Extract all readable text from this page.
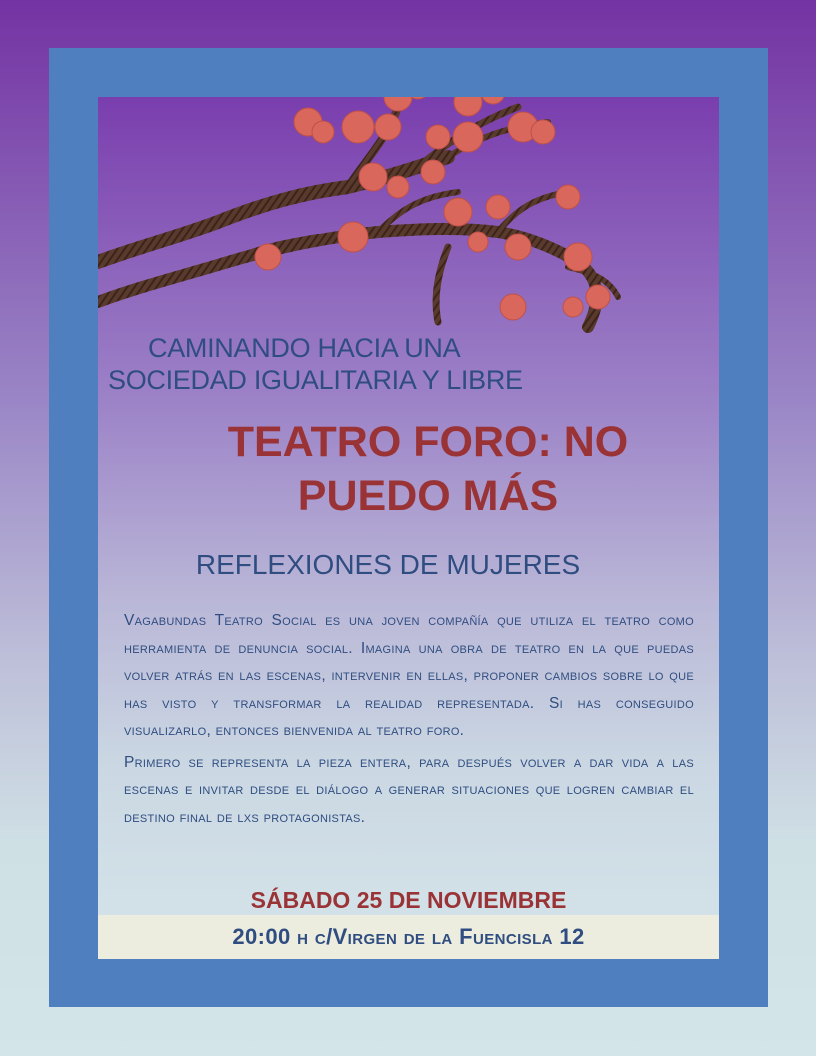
CAMINANDO HACIA UNA
SOCIEDAD IGUALITARIA Y LIBRE
TEATRO FORO: NO PUEDO MÁS
REFLEXIONES DE MUJERES

Vagabundas Teatro Social es una joven compañía que utiliza el teatro como herramienta de denuncia social. Imagina una obra de teatro en la que puedas volver atrás en las escenas, intervenir en ellas, proponer cambios sobre lo que has visto y transformar la realidad representada. Si has conseguido visualizarlo, entonces bienvenida al teatro foro.

Primero se representa la pieza entera, para después volver a dar vida a las escenas e invitar desde el diálogo a generar situaciones que logren cambiar el destino final de lxs protagonistas.

SÁBADO 25 DE NOVIEMBRE
20:00 h c/Virgen de la Fuencisla 12
